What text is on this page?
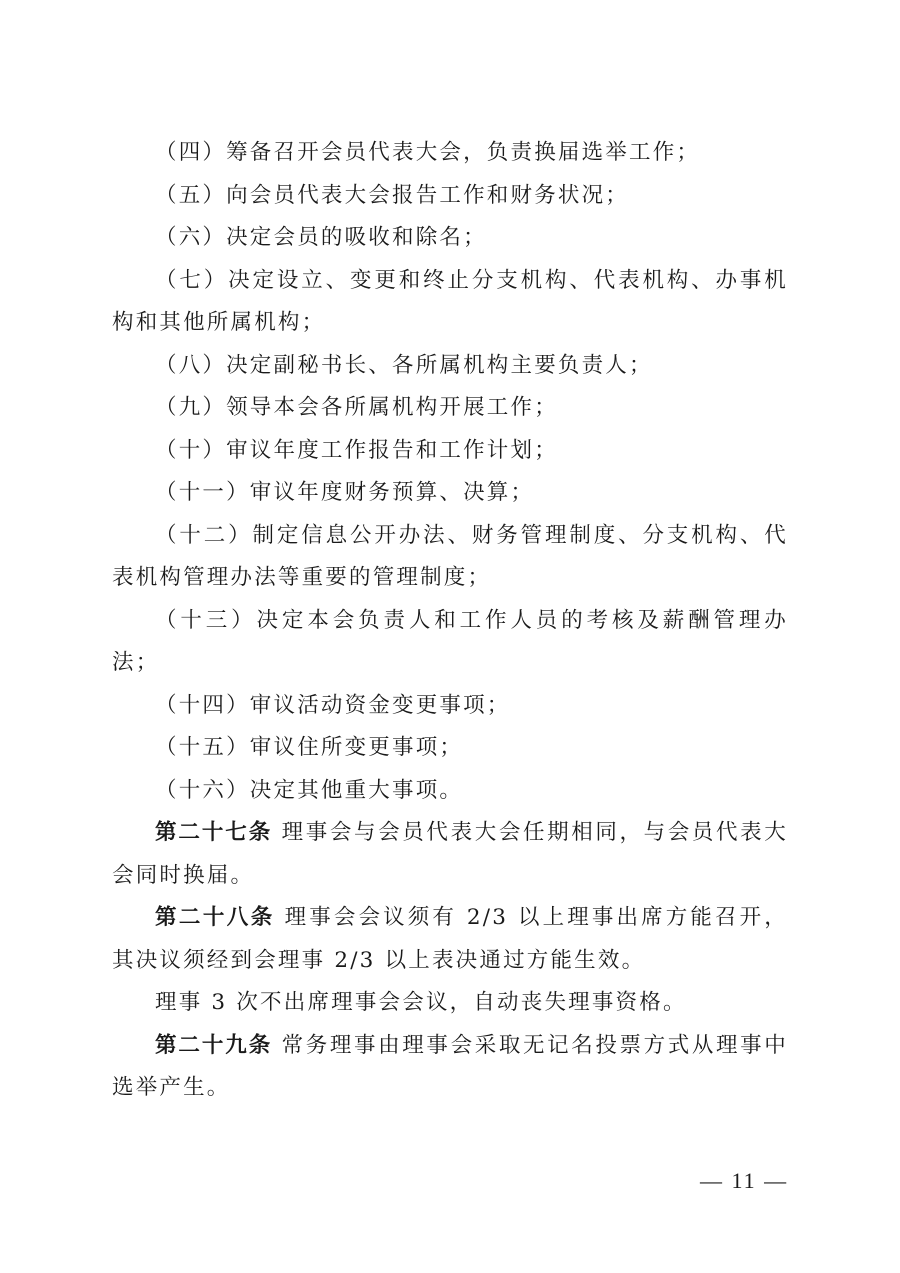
（四）筹备召开会员代表大会，负责换届选举工作；

（五）向会员代表大会报告工作和财务状况；

（六）决定会员的吸收和除名；

（七）决定设立、变更和终止分支机构、代表机构、办事机构和其他所属机构；

（八）决定副秘书长、各所属机构主要负责人；

（九）领导本会各所属机构开展工作；

（十）审议年度工作报告和工作计划；

（十一）审议年度财务预算、决算；

（十二）制定信息公开办法、财务管理制度、分支机构、代表机构管理办法等重要的管理制度；

（十三）决定本会负责人和工作人员的考核及薪酬管理办法；

（十四）审议活动资金变更事项；

（十五）审议住所变更事项；

（十六）决定其他重大事项。

第二十七条 理事会与会员代表大会任期相同，与会员代表大会同时换届。

第二十八条 理事会会议须有 2/3 以上理事出席方能召开，其决议须经到会理事 2/3 以上表决通过方能生效。

理事 3 次不出席理事会会议，自动丧失理事资格。

第二十九条 常务理事由理事会采取无记名投票方式从理事中选举产生。

— 11 —
